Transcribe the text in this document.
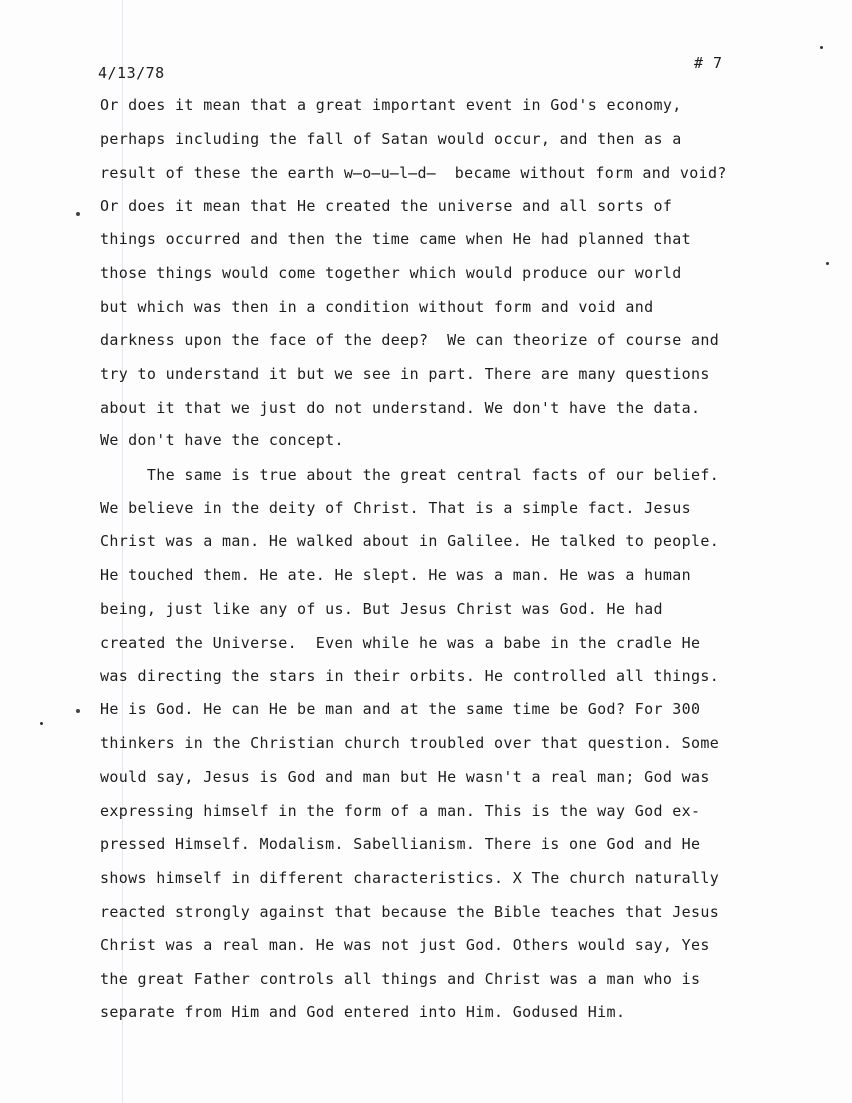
4/13/78
# 7
Or does it mean that a great important event in God's economy,
perhaps including the fall of Satan would occur, and then as a
result of these the earth w̶o̶u̶l̶d̶  became without form and void?
Or does it mean that He created the universe and all sorts of
things occurred and then the time came when He had planned that
those things would come together which would produce our world
but which was then in a condition without form and void and
darkness upon the face of the deep?  We can theorize of course and
try to understand it but we see in part. There are many questions
about it that we just do not understand. We don't have the data.
We don't have the concept.
The same is true about the great central facts of our belief.
We believe in the deity of Christ. That is a simple fact. Jesus
Christ was a man. He walked about in Galilee. He talked to people.
He touched them. He ate. He slept. He was a man. He was a human
being, just like any of us. But Jesus Christ was God. He had
created the Universe.  Even while he was a babe in the cradle He
was directing the stars in their orbits. He controlled all things.
He is God. He can He be man and at the same time be God? For 300
thinkers in the Christian church troubled over that question. Some
would say, Jesus is God and man but He wasn't a real man; God was
expressing himself in the form of a man. This is the way God ex-
pressed Himself. Modalism. Sabellianism. There is one God and He
shows himself in different characteristics. X The church naturally
reacted strongly against that because the Bible teaches that Jesus
Christ was a real man. He was not just God. Others would say, Yes
the great Father controls all things and Christ was a man who is
separate from Him and God entered into Him. Godused Him.
